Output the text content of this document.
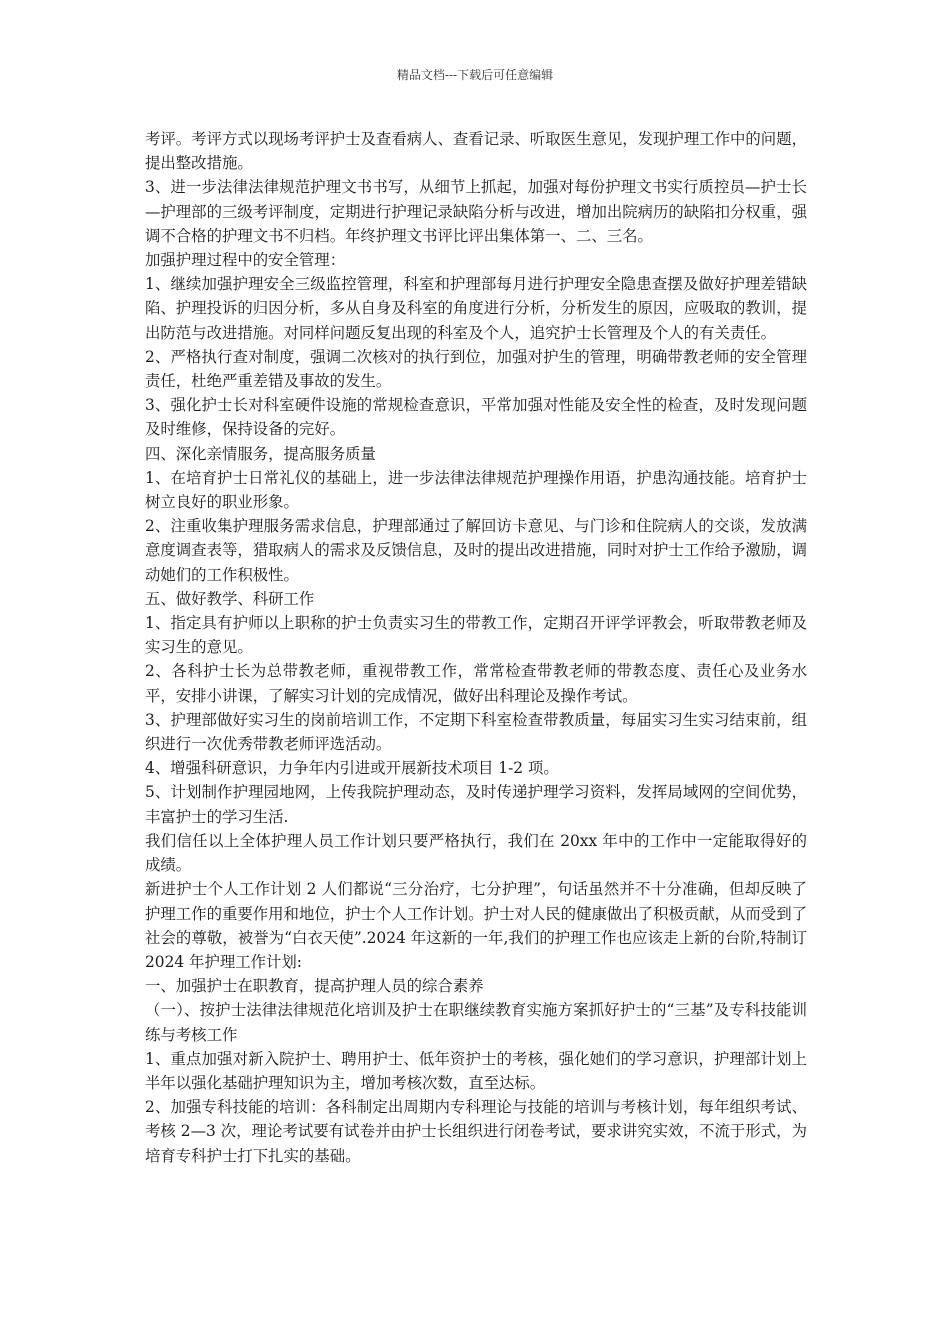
精品文档---下载后可任意编辑

考评。考评方式以现场考评护士及查看病人、查看记录、听取医生意见，发现护理工作中的问题，提出整改措施。

3、进一步法律法律规范护理文书书写，从细节上抓起，加强对每份护理文书实行质控员—护士长—护理部的三级考评制度，定期进行护理记录缺陷分析与改进，增加出院病历的缺陷扣分权重，强调不合格的护理文书不归档。年终护理文书评比评出集体第一、二、三名。

加强护理过程中的安全管理：

1、继续加强护理安全三级监控管理，科室和护理部每月进行护理安全隐患查摆及做好护理差错缺陷、护理投诉的归因分析，多从自身及科室的角度进行分析，分析发生的原因，应吸取的教训，提出防范与改进措施。对同样问题反复出现的科室及个人，追究护士长管理及个人的有关责任。

2、严格执行查对制度，强调二次核对的执行到位，加强对护生的管理，明确带教老师的安全管理责任，杜绝严重差错及事故的发生。

3、强化护士长对科室硬件设施的常规检查意识，平常加强对性能及安全性的检查，及时发现问题及时维修，保持设备的完好。

四、深化亲情服务，提高服务质量

1、在培育护士日常礼仪的基础上，进一步法律法律规范护理操作用语，护患沟通技能。培育护士树立良好的职业形象。

2、注重收集护理服务需求信息，护理部通过了解回访卡意见、与门诊和住院病人的交谈，发放满意度调查表等，猎取病人的需求及反馈信息，及时的提出改进措施，同时对护士工作给予激励，调动她们的工作积极性。

五、做好教学、科研工作

1、指定具有护师以上职称的护士负责实习生的带教工作，定期召开评学评教会，听取带教老师及实习生的意见。

2、各科护士长为总带教老师，重视带教工作，常常检查带教老师的带教态度、责任心及业务水平，安排小讲课，了解实习计划的完成情况，做好出科理论及操作考试。

3、护理部做好实习生的岗前培训工作，不定期下科室检查带教质量，每届实习生实习结束前，组织进行一次优秀带教老师评选活动。

4、增强科研意识，力争年内引进或开展新技术项目 1-2 项。

5、计划制作护理园地网，上传我院护理动态，及时传递护理学习资料，发挥局域网的空间优势，丰富护士的学习生活.

我们信任以上全体护理人员工作计划只要严格执行，我们在 20xx 年中的工作中一定能取得好的成绩。

新进护士个人工作计划 2 人们都说“三分治疗，七分护理”，句话虽然并不十分准确，但却反映了护理工作的重要作用和地位，护士个人工作计划。护士对人民的健康做出了积极贡献，从而受到了社会的尊敬，被誉为“白衣天使”.2024 年这新的一年,我们的护理工作也应该走上新的台阶,特制订 2024 年护理工作计划:

一、加强护士在职教育，提高护理人员的综合素养

（一）、按护士法律法律规范化培训及护士在职继续教育实施方案抓好护士的“三基”及专科技能训练与考核工作

1、重点加强对新入院护士、聘用护士、低年资护士的考核，强化她们的学习意识，护理部计划上半年以强化基础护理知识为主，增加考核次数，直至达标。

2、加强专科技能的培训：各科制定出周期内专科理论与技能的培训与考核计划，每年组织考试、考核 2—3 次，理论考试要有试卷并由护士长组织进行闭卷考试，要求讲究实效，不流于形式，为培育专科护士打下扎实的基础。
